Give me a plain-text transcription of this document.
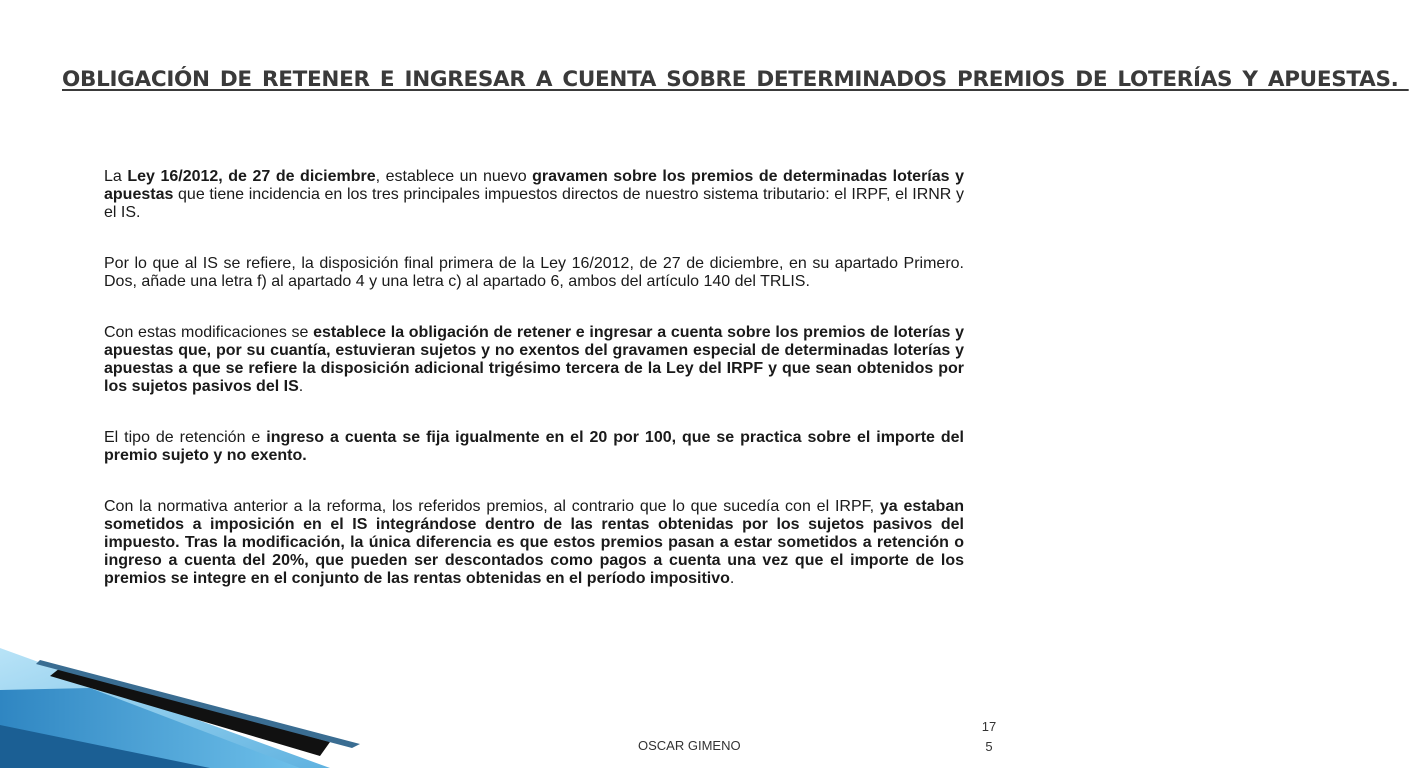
OBLIGACIÓN DE RETENER E INGRESAR A CUENTA SOBRE DETERMINADOS PREMIOS DE LOTERÍAS Y APUESTAS.

La Ley 16/2012, de 27 de diciembre, establece un nuevo gravamen sobre los premios de determinadas loterías y apuestas que tiene incidencia en los tres principales impuestos directos de nuestro sistema tributario: el IRPF, el IRNR y el IS.

Por lo que al IS se refiere, la disposición final primera de la Ley 16/2012, de 27 de diciembre, en su apartado Primero. Dos, añade una letra f) al apartado 4 y una letra c) al apartado 6, ambos del artículo 140 del TRLIS.

Con estas modificaciones se establece la obligación de retener e ingresar a cuenta sobre los premios de loterías y apuestas que, por su cuantía, estuvieran sujetos y no exentos del gravamen especial de determinadas loterías y apuestas a que se refiere la disposición adicional trigésimo tercera de la Ley del IRPF y que sean obtenidos por los sujetos pasivos del IS.

El tipo de retención e ingreso a cuenta se fija igualmente en el 20 por 100, que se practica sobre el importe del premio sujeto y no exento.

Con la normativa anterior a la reforma, los referidos premios, al contrario que lo que sucedía con el IRPF, ya estaban sometidos a imposición en el IS integrándose dentro de las rentas obtenidas por los sujetos pasivos del impuesto. Tras la modificación, la única diferencia es que estos premios pasan a estar sometidos a retención o ingreso a cuenta del 20%, que pueden ser descontados como pagos a cuenta una vez que el importe de los premios se integre en el conjunto de las rentas obtenidas en el período impositivo.

OSCAR GIMENO
17
5
